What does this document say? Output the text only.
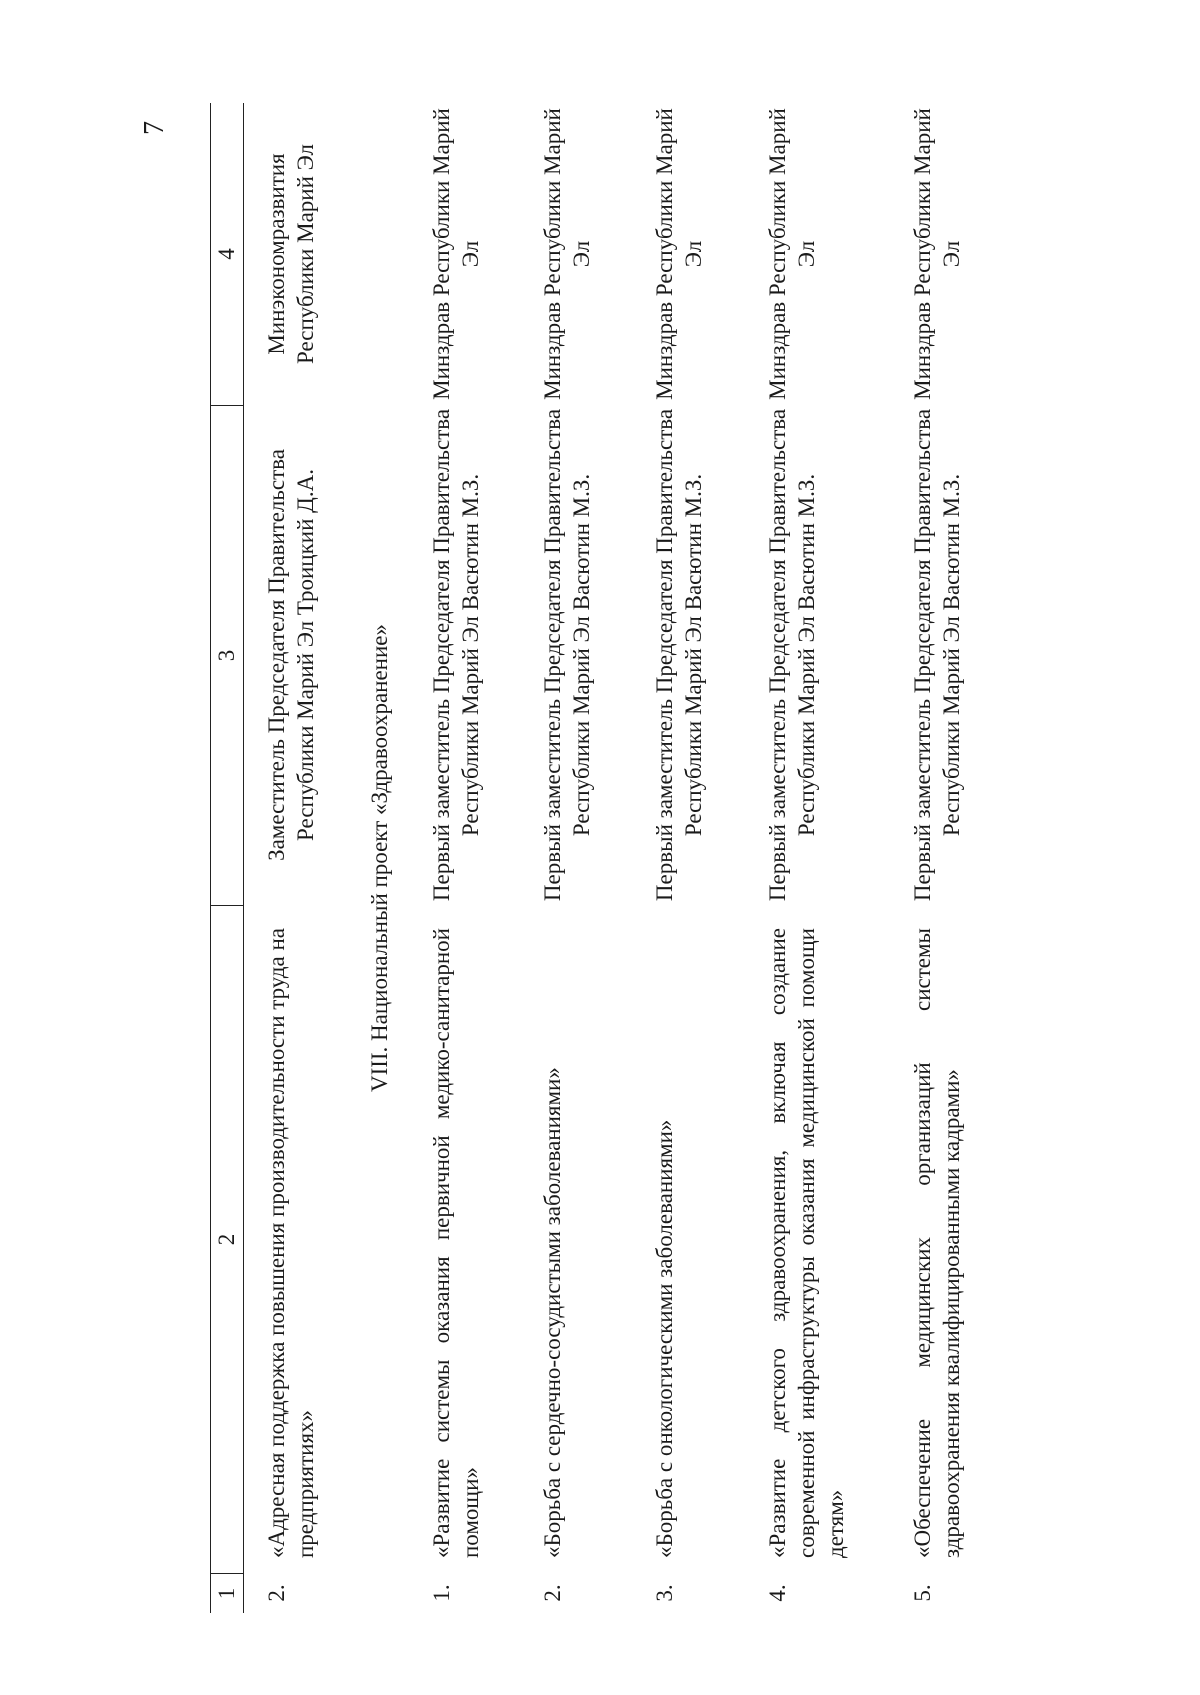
7
1
2
3
4
2.
«Адресная поддержка повышения производительности труда на предприятиях»
Заместитель Председателя Правительства Республики Марий Эл Троицкий Д.А.
Минэкономразвития Республики Марий Эл
VIII. Национальный проект «Здравоохранение»
1.
«Развитие системы оказания первичной медико-санитарной помощи»
Первый заместитель Председателя Правительства Республики Марий Эл Васютин М.З.
Минздрав Республики Марий Эл
2.
«Борьба с сердечно-сосудистыми заболеваниями»
Первый заместитель Председателя Правительства Республики Марий Эл Васютин М.З.
Минздрав Республики Марий Эл
3.
«Борьба с онкологическими заболеваниями»
Первый заместитель Председателя Правительства Республики Марий Эл Васютин М.З.
Минздрав Республики Марий Эл
4.
«Развитие детского здравоохранения, включая создание современной инфраструктуры оказания медицинской помощи детям»
Первый заместитель Председателя Правительства Республики Марий Эл Васютин М.З.
Минздрав Республики Марий Эл
5.
«Обеспечение медицинских организаций системы здравоохранения квалифицированными кадрами»
Первый заместитель Председателя Правительства Республики Марий Эл Васютин М.З.
Минздрав Республики Марий Эл
